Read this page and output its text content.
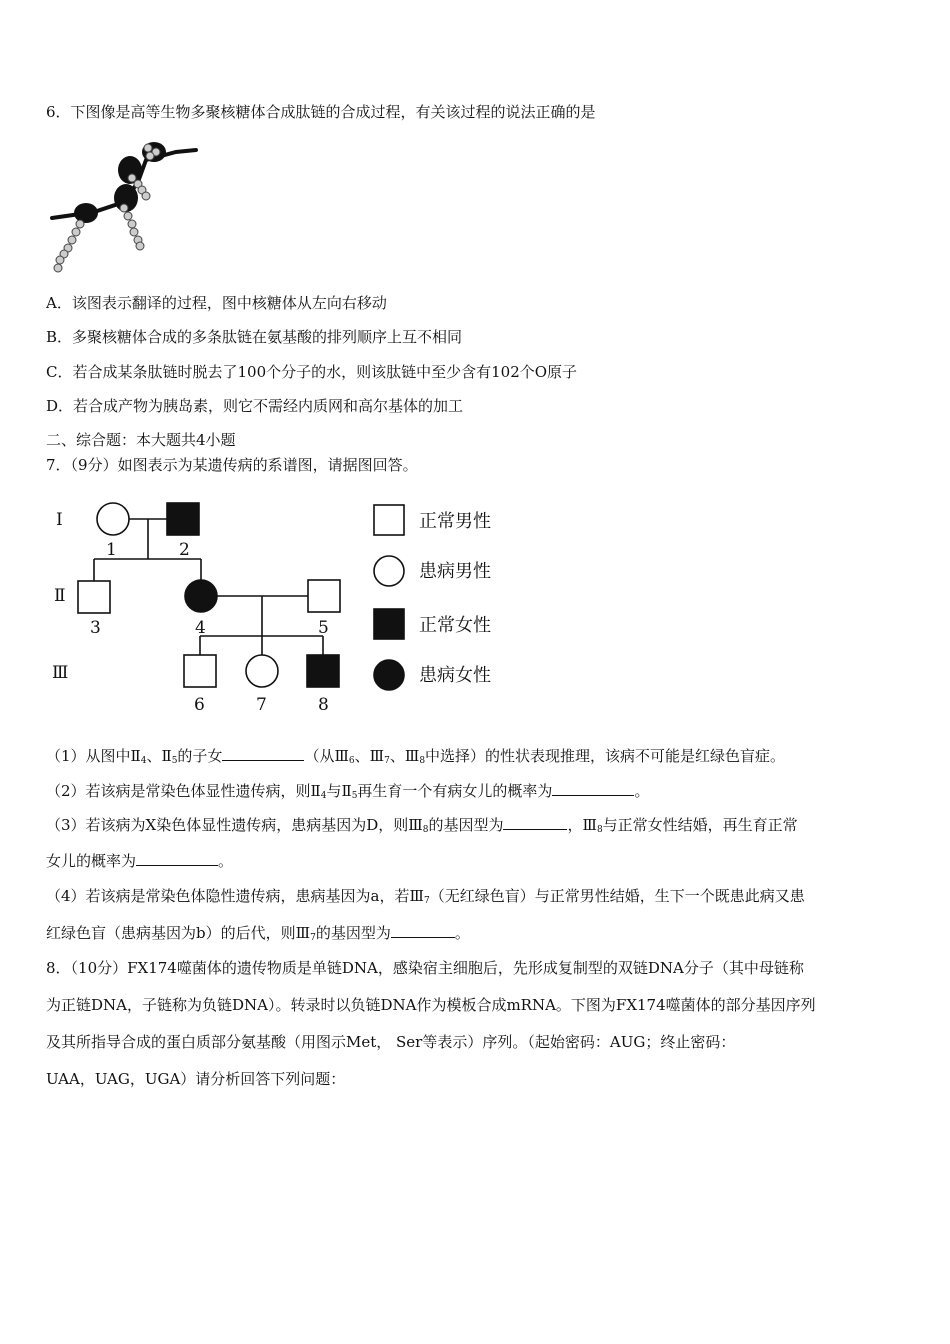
6．下图像是高等生物多聚核糖体合成肽链的合成过程，有关该过程的说法正确的是
A．该图表示翻译的过程，图中核糖体从左向右移动
B．多聚核糖体合成的多条肽链在氨基酸的排列顺序上互不相同
C．若合成某条肽链时脱去了100个分子的水，则该肽链中至少含有102个O原子
D．若合成产物为胰岛素，则它不需经内质网和高尔基体的加工
二、综合题：本大题共4小题
7．（9分）如图表示为某遗传病的系谱图，请据图回答。
Ⅰ
Ⅱ
Ⅲ
1	2
3	4	5
6	7	8
正常男性
患病男性
正常女性
患病女性
（1）从图中$Ⅱ_4$、$Ⅱ_5$的子女	（从$Ⅲ_6$、$Ⅲ_7$、$Ⅲ_8$中选择）的性状表现推理，该病不可能是红绿色盲症。
（2）若该病是常染色体显性遗传病，则$Ⅱ_4$与$Ⅱ_5$再生育一个有病女儿的概率为	。
（3）若该病为X染色体显性遗传病，患病基因为D，则$Ⅲ_8$的基因型为	，$Ⅲ_8$与正常女性结婚，再生育正常
女儿的概率为	。
（4）若该病是常染色体隐性遗传病，患病基因为a，若$Ⅲ_7$（无红绿色盲）与正常男性结婚，生下一个既患此病又患
红绿色盲（患病基因为b）的后代，则$Ⅲ_7$的基因型为	。
8．（10分）FX174噬菌体的遗传物质是单链DNA，感染宿主细胞后，先形成复制型的双链DNA分子（其中母链称
为正链DNA，子链称为负链DNA）。转录时以负链DNA作为模板合成mRNA。下图为FX174噬菌体的部分基因序列
及其所指导合成的蛋白质部分氨基酸（用图示Met， Ser等表示）序列。（起始密码：AUG；终止密码：
UAA，UAG，UGA）请分析回答下列问题：
